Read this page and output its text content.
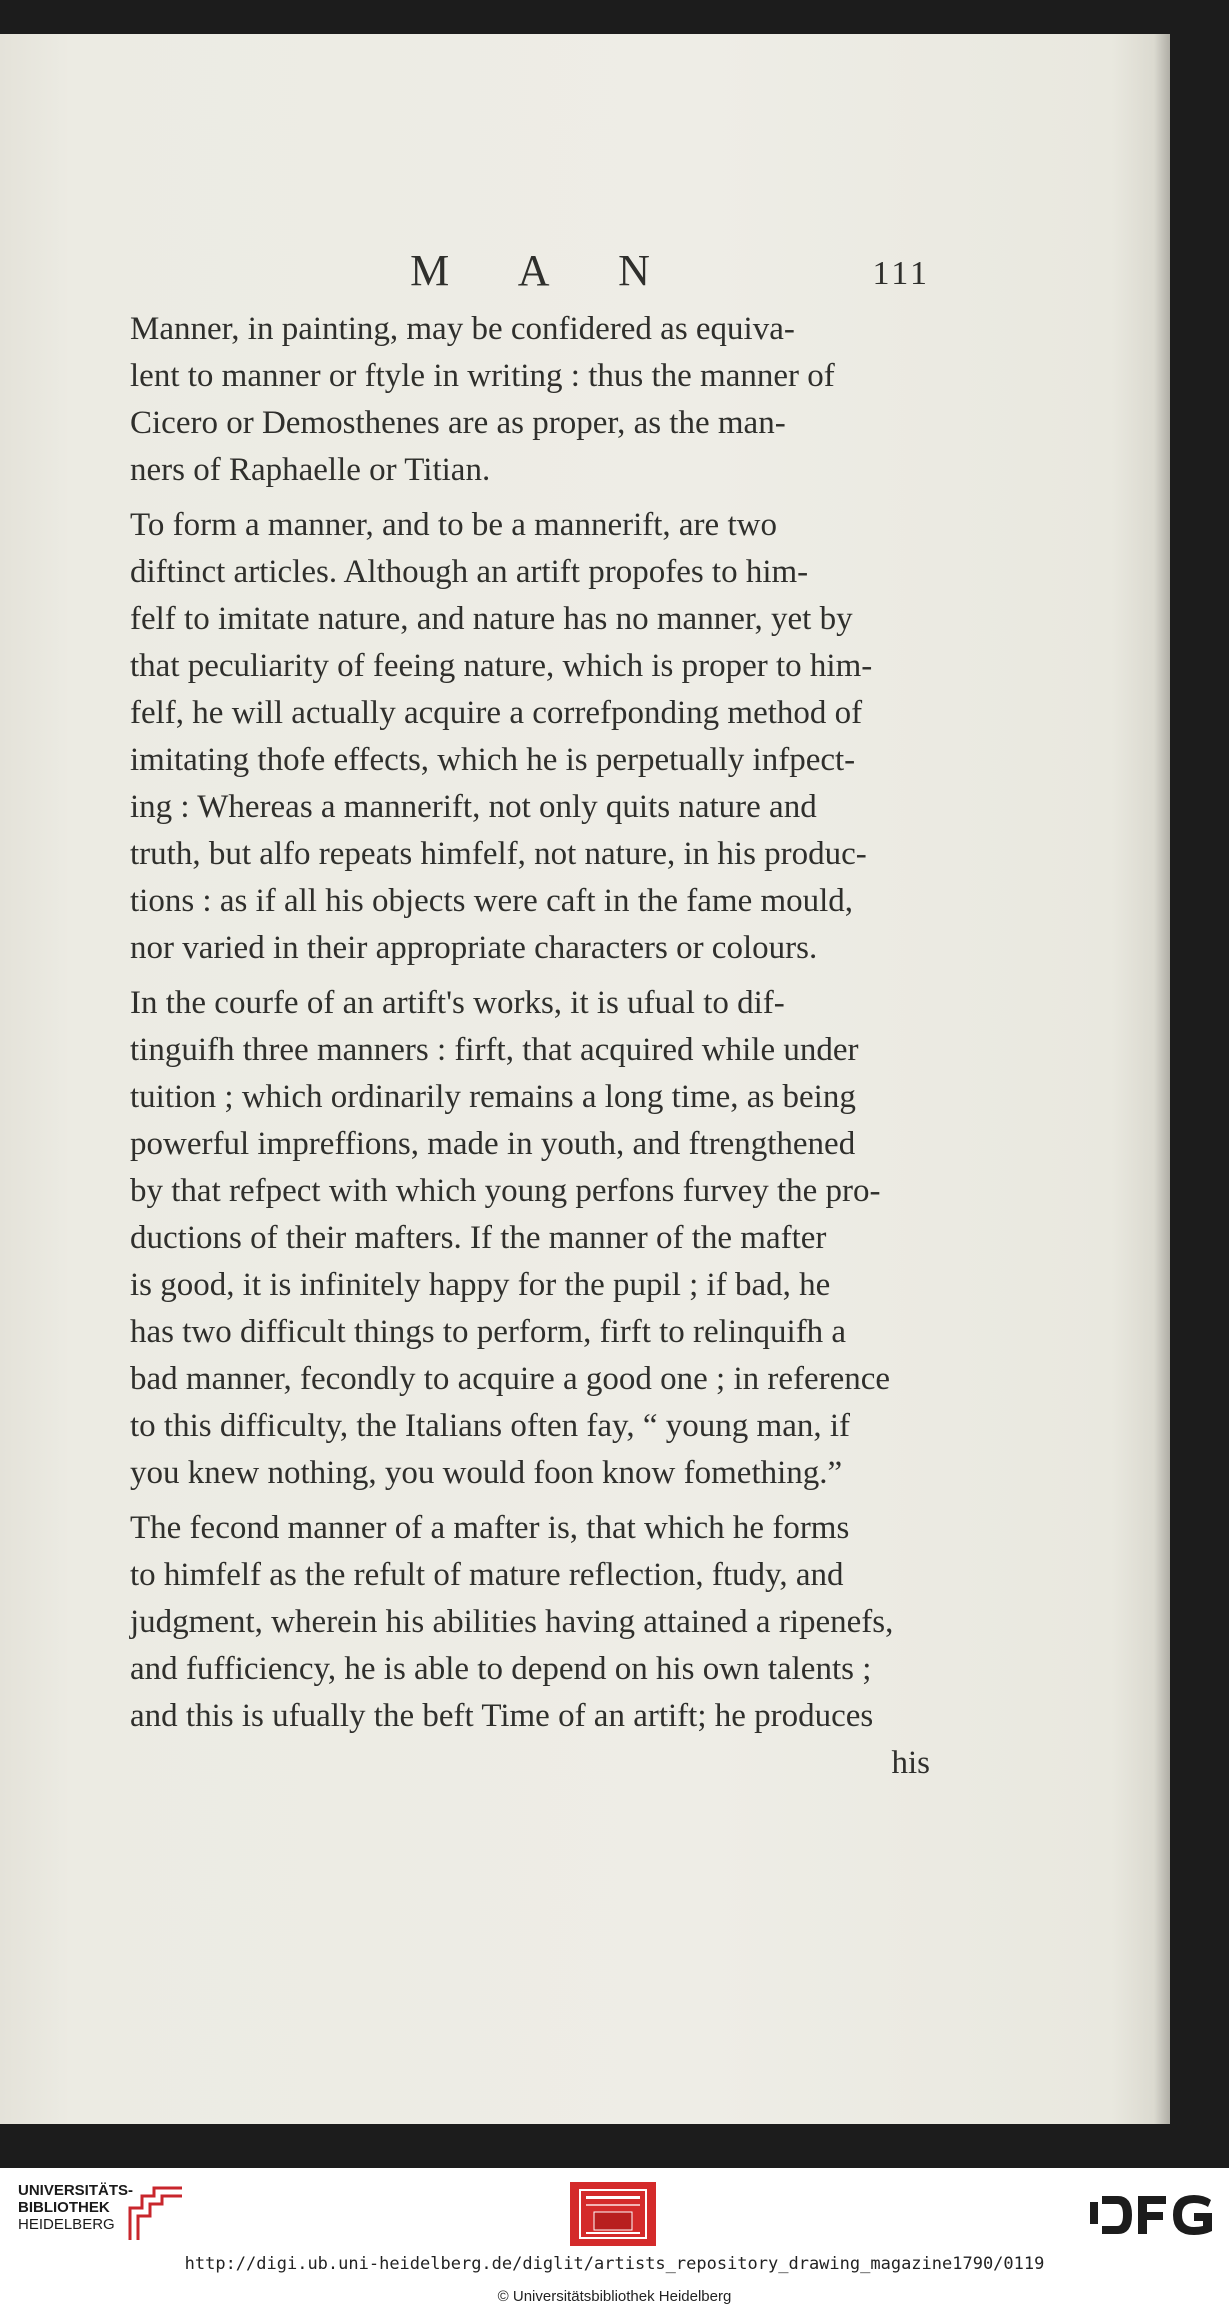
M A N	111

Manner, in painting, may be confidered as equiva-

lent to manner or ftyle in writing : thus the manner of

Cicero or Demosthenes are as proper, as the man-

ners of Raphaelle or Titian.

To form a manner, and to be a mannerift, are two

diftinct articles. Although an artift propofes to him-

felf to imitate nature, and nature has no manner, yet by

that peculiarity of feeing nature, which is proper to him-

felf, he will actually acquire a correfponding method of

imitating thofe effects, which he is perpetually infpect-

ing : Whereas a mannerift, not only quits nature and

truth, but alfo repeats himfelf, not nature, in his produc-

tions : as if all his objects were caft in the fame mould,

nor varied in their appropriate characters or colours.

In the courfe of an artift's works, it is ufual to dif-

tinguifh three manners : firft, that acquired while under

tuition ; which ordinarily remains a long time, as being

powerful impreffions, made in youth, and ftrengthened

by that refpect with which young perfons furvey the pro-

ductions of their mafters. If the manner of the mafter

is good, it is infinitely happy for the pupil ; if bad, he

has two difficult things to perform, firft to relinquifh a

bad manner, fecondly to acquire a good one ; in reference

to this difficulty, the Italians often fay, “ young man, if

you knew nothing, you would foon know fomething.”

The fecond manner of a mafter is, that which he forms

to himfelf as the refult of mature reflection, ftudy, and

judgment, wherein his abilities having attained a ripenefs,

and fufficiency, he is able to depend on his own talents ;

and this is ufually the beft Time of an artift; he produces

his

UNIVERSITÄTS-
BIBLIOTHEK
HEIDELBERG
http://digi.ub.uni-heidelberg.de/diglit/artists_repository_drawing_magazine1790/0119
© Universitätsbibliothek Heidelberg
